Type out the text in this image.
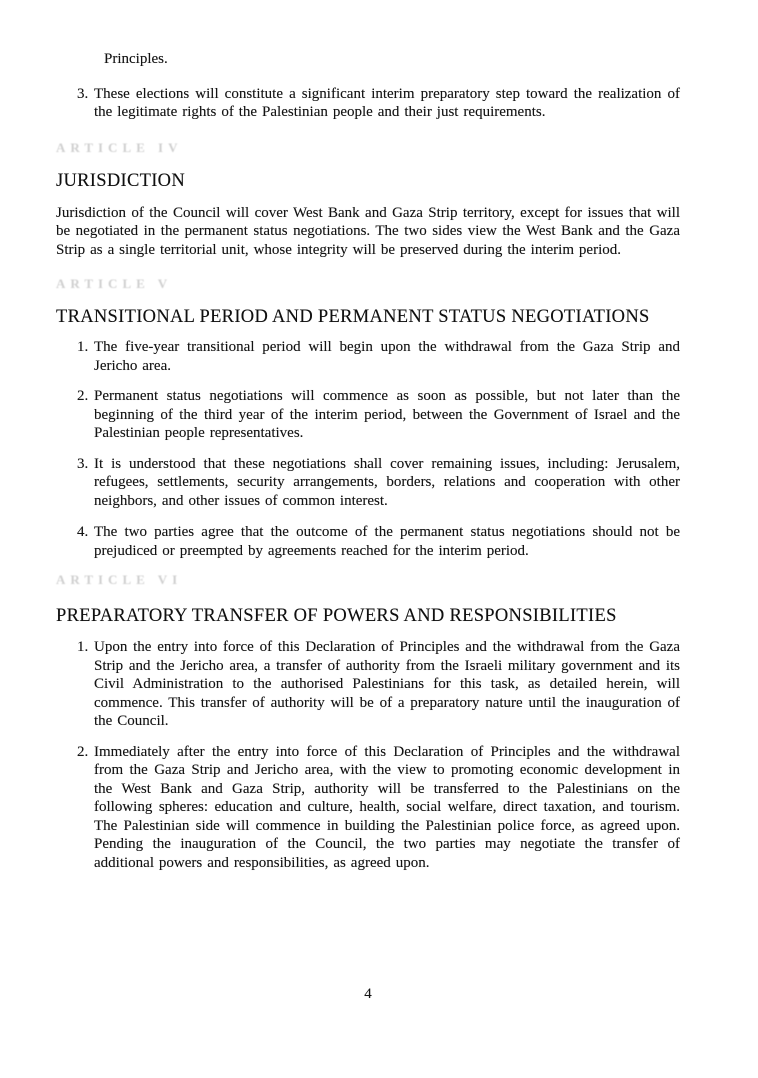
Principles.
3. These elections will constitute a significant interim preparatory step toward the realization of the legitimate rights of the Palestinian people and their just requirements.
ARTICLE IV
JURISDICTION
Jurisdiction of the Council will cover West Bank and Gaza Strip territory, except for issues that will be negotiated in the permanent status negotiations. The two sides view the West Bank and the Gaza Strip as a single territorial unit, whose integrity will be preserved during the interim period.
ARTICLE V
TRANSITIONAL PERIOD AND PERMANENT STATUS NEGOTIATIONS
1. The five-year transitional period will begin upon the withdrawal from the Gaza Strip and Jericho area.
2. Permanent status negotiations will commence as soon as possible, but not later than the beginning of the third year of the interim period, between the Government of Israel and the Palestinian people representatives.
3. It is understood that these negotiations shall cover remaining issues, including: Jerusalem, refugees, settlements, security arrangements, borders, relations and cooperation with other neighbors, and other issues of common interest.
4. The two parties agree that the outcome of the permanent status negotiations should not be prejudiced or preempted by agreements reached for the interim period.
ARTICLE VI
PREPARATORY TRANSFER OF POWERS AND RESPONSIBILITIES
1. Upon the entry into force of this Declaration of Principles and the withdrawal from the Gaza Strip and the Jericho area, a transfer of authority from the Israeli military government and its Civil Administration to the authorised Palestinians for this task, as detailed herein, will commence. This transfer of authority will be of a preparatory nature until the inauguration of the Council.
2. Immediately after the entry into force of this Declaration of Principles and the withdrawal from the Gaza Strip and Jericho area, with the view to promoting economic development in the West Bank and Gaza Strip, authority will be transferred to the Palestinians on the following spheres: education and culture, health, social welfare, direct taxation, and tourism. The Palestinian side will commence in building the Palestinian police force, as agreed upon. Pending the inauguration of the Council, the two parties may negotiate the transfer of additional powers and responsibilities, as agreed upon.
4
